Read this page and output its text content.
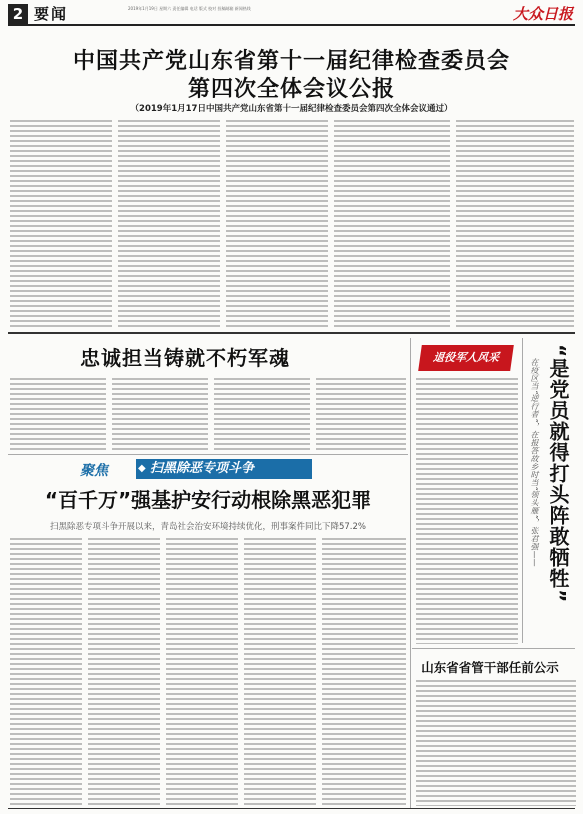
2 要闻	2019年1月19日 星期六 责任编辑 电话 版式 校对 投稿邮箱 新闻热线	大众日报
中国共产党山东省第十一届纪律检查委员会
第四次全体会议公报
（2019年1月17日中国共产党山东省第十一届纪律检查委员会第四次全体会议通过）
忠诚担当铸就不朽军魂	退役军人风采	“是党员就得打头阵敢牺牲”
在疫区当“逆行者”，在报答故乡时当“领头雁”，张君强——
聚焦
◆	扫黑除恶专项斗争
“百千万”强基护安行动根除黑恶犯罪
扫黑除恶专项斗争开展以来，青岛社会治安环境持续优化，刑事案件同比下降57.2%
山东省省管干部任前公示
